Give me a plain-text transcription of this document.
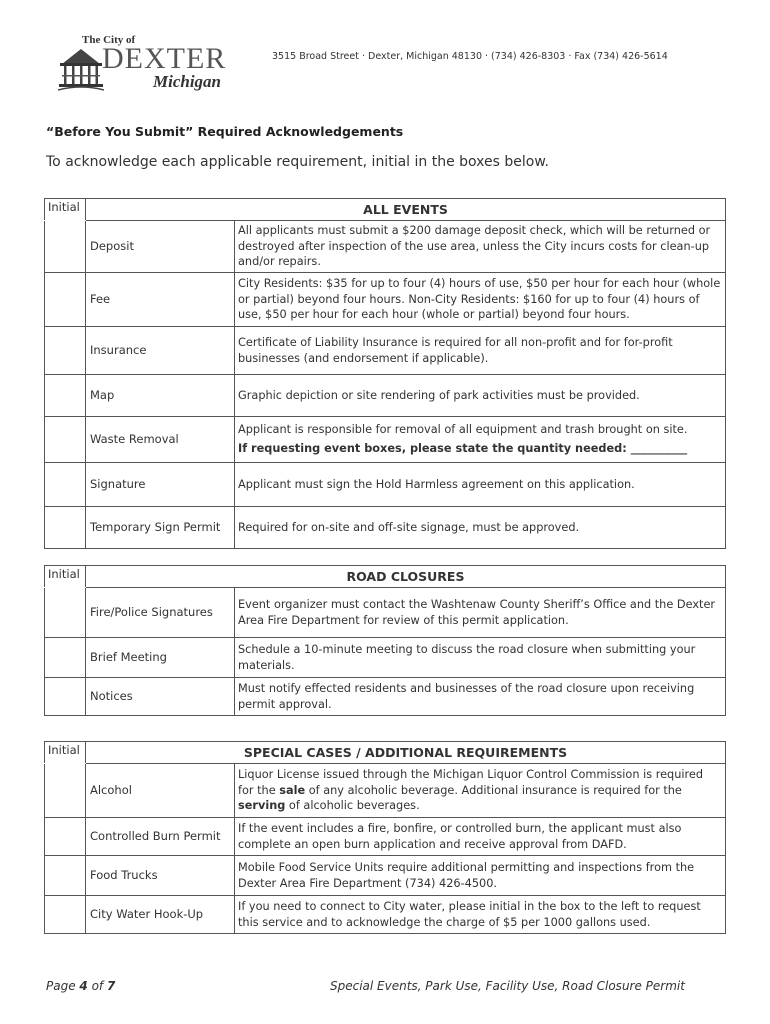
The City of
DEXTER
Michigan
3515 Broad Street · Dexter, Michigan 48130 · (734) 426-8303 · Fax (734) 426-5614
“Before You Submit” Required Acknowledgements
To acknowledge each applicable requirement, initial in the boxes below.
Initial	ALL EVENTS	
	Deposit	All applicants must submit a $200 damage deposit check, which will be returned or destroyed after inspection of the use area, unless the City incurs costs for clean-up and/or repairs.
	Fee	City Residents: $35 for up to four (4) hours of use, $50 per hour for each hour (whole or partial) beyond four hours. Non-City Residents: $160 for up to four (4) hours of use, $50 per hour for each hour (whole or partial) beyond four hours.
	Insurance	Certificate of Liability Insurance is required for all non-profit and for for-profit businesses (and endorsement if applicable).
	Map	Graphic depiction or site rendering of park activities must be provided.
	Waste Removal	Applicant is responsible for removal of all equipment and trash brought on site.
If requesting event boxes, please state the quantity needed: __________

	Signature	Applicant must sign the Hold Harmless agreement on this application.
	Temporary Sign Permit	Required for on-site and off-site signage, must be approved.
Initial	ROAD CLOSURES	
	Fire/Police Signatures	Event organizer must contact the Washtenaw County Sheriff’s Office and the Dexter Area Fire Department for review of this permit application.
	Brief Meeting	Schedule a 10-minute meeting to discuss the road closure when submitting your materials.
	Notices	Must notify effected residents and businesses of the road closure upon receiving permit approval.
Initial	SPECIAL CASES / ADDITIONAL REQUIREMENTS	
	Alcohol	Liquor License issued through the Michigan Liquor Control Commission is required for the sale of any alcoholic beverage. Additional insurance is required for the serving of alcoholic beverages.
	Controlled Burn Permit	If the event includes a fire, bonfire, or controlled burn, the applicant must also complete an open burn application and receive approval from DAFD.
	Food Trucks	Mobile Food Service Units require additional permitting and inspections from the Dexter Area Fire Department (734) 426-4500.
	City Water Hook-Up	If you need to connect to City water, please initial in the box to the left to request this service and to acknowledge the charge of $5 per 1000 gallons used.
Page 4 of 7	Special Events, Park Use, Facility Use, Road Closure Permit
